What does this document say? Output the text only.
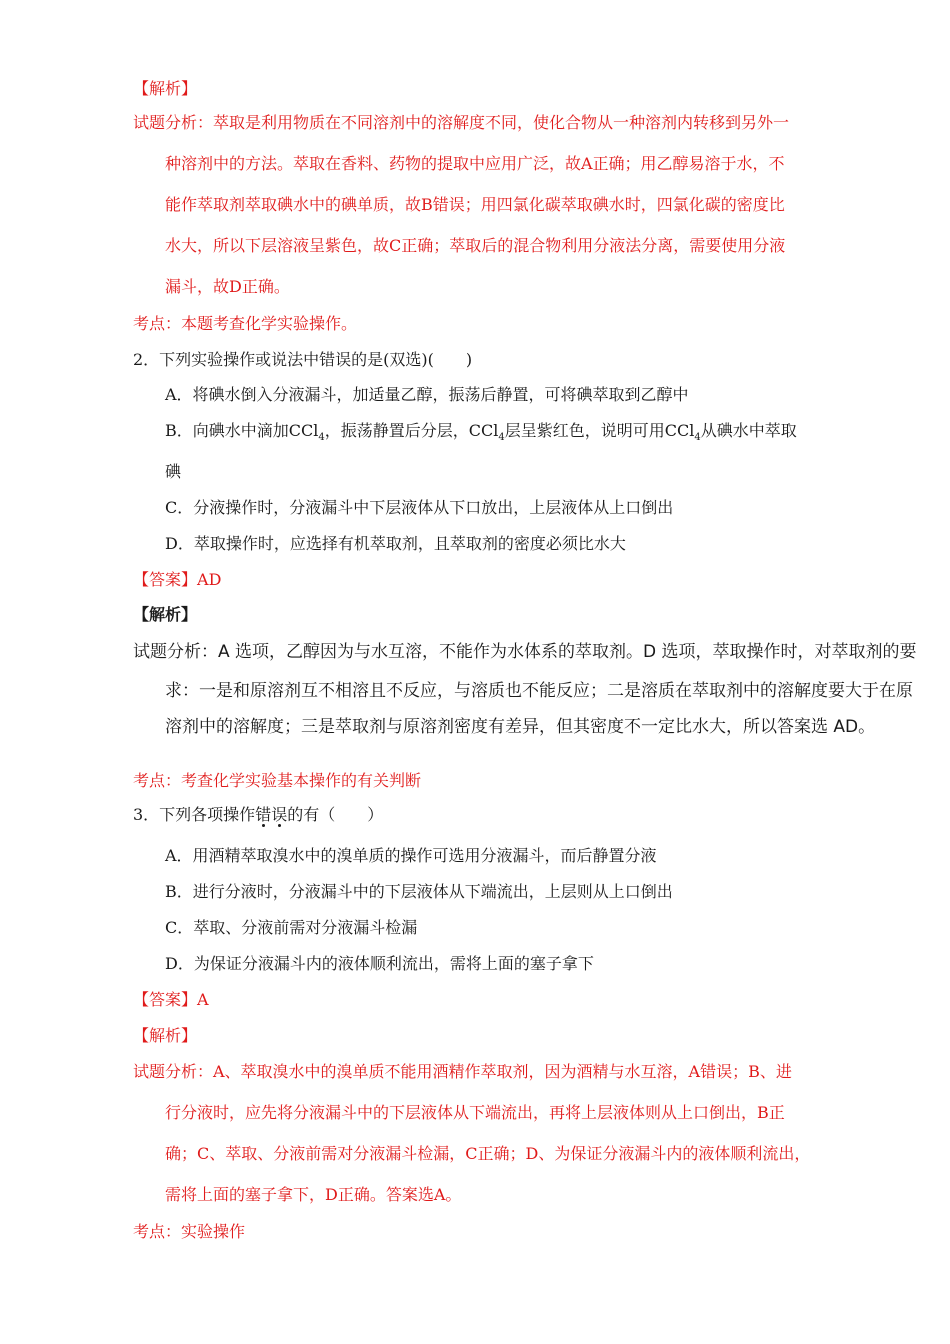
【解析】
试题分析：萃取是利用物质在不同溶剂中的溶解度不同，使化合物从一种溶剂内转移到另外一
种溶剂中的方法。萃取在香料、药物的提取中应用广泛，故A正确；用乙醇易溶于水，不
能作萃取剂萃取碘水中的碘单质，故B错误；用四氯化碳萃取碘水时，四氯化碳的密度比
水大，所以下层溶液呈紫色，故C正确；萃取后的混合物利用分液法分离，需要使用分液
漏斗，故D正确。
考点：本题考查化学实验操作。
2．下列实验操作或说法中错误的是(双选)(　　)
A．将碘水倒入分液漏斗，加适量乙醇，振荡后静置，可将碘萃取到乙醇中
B．向碘水中滴加CCl$_4$，振荡静置后分层，CCl$_4$层呈紫红色，说明可用CCl$_4$从碘水中萃取
碘
C．分液操作时，分液漏斗中下层液体从下口放出，上层液体从上口倒出
D．萃取操作时，应选择有机萃取剂，且萃取剂的密度必须比水大
【答案】AD
【解析】
试题分析：A 选项，乙醇因为与水互溶，不能作为水体系的萃取剂。D 选项，萃取操作时，对萃取剂的要
求：一是和原溶剂互不相溶且不反应，与溶质也不能反应；二是溶质在萃取剂中的溶解度要大于在原
溶剂中的溶解度；三是萃取剂与原溶剂密度有差异，但其密度不一定比水大，所以答案选 AD。
考点：考查化学实验基本操作的有关判断
3．下列各项操作错误的有（　　）
A．用酒精萃取溴水中的溴单质的操作可选用分液漏斗，而后静置分液
B．进行分液时，分液漏斗中的下层液体从下端流出，上层则从上口倒出
C．萃取、分液前需对分液漏斗检漏
D．为保证分液漏斗内的液体顺利流出，需将上面的塞子拿下
【答案】A
【解析】
试题分析：A、萃取溴水中的溴单质不能用酒精作萃取剂，因为酒精与水互溶，A错误；B、进
行分液时，应先将分液漏斗中的下层液体从下端流出，再将上层液体则从上口倒出，B正
确；C、萃取、分液前需对分液漏斗检漏，C正确；D、为保证分液漏斗内的液体顺利流出，
需将上面的塞子拿下，D正确。答案选A。
考点：实验操作
